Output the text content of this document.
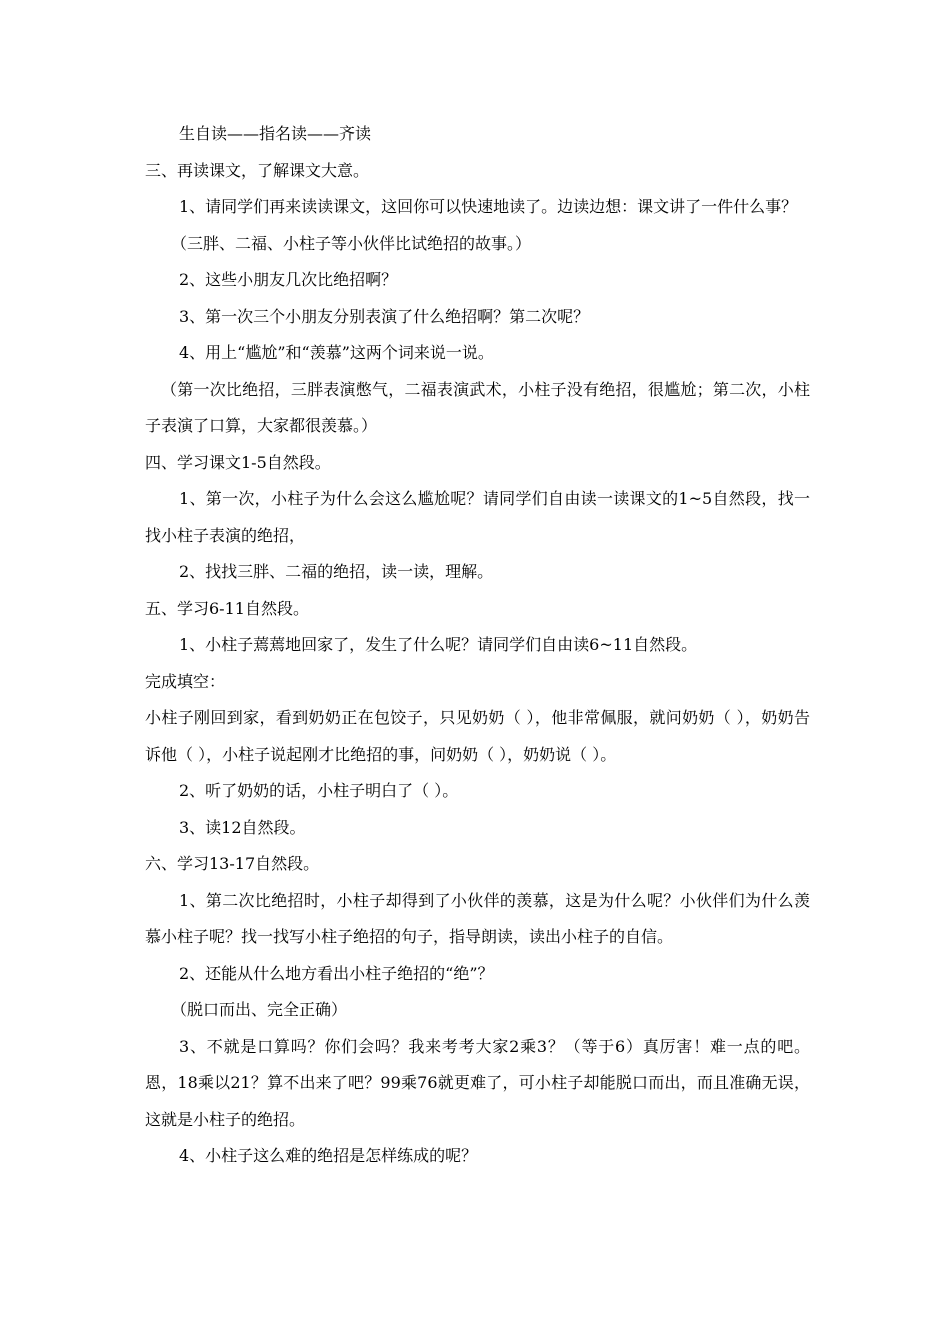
生自读——指名读——齐读

三、再读课文，了解课文大意。

1、请同学们再来读读课文，这回你可以快速地读了。边读边想：课文讲了一件什么事？

（三胖、二福、小柱子等小伙伴比试绝招的故事。）

2、这些小朋友几次比绝招啊？

3、第一次三个小朋友分别表演了什么绝招啊？第二次呢？

4、用上“尴尬”和“羡慕”这两个词来说一说。

（第一次比绝招，三胖表演憋气，二福表演武术，小柱子没有绝招，很尴尬；第二次，小柱子表演了口算，大家都很羡慕。）

四、学习课文1-5自然段。

1、第一次，小柱子为什么会这么尴尬呢？请同学们自由读一读课文的1~5自然段，找一找小柱子表演的绝招，

2、找找三胖、二福的绝招，读一读，理解。

五、学习6-11自然段。

1、小柱子蔫蔫地回家了，发生了什么呢？请同学们自由读6~11自然段。

完成填空：

小柱子刚回到家，看到奶奶正在包饺子，只见奶奶（ ），他非常佩服，就问奶奶（ ），奶奶告诉他（ ），小柱子说起刚才比绝招的事，问奶奶（ ），奶奶说（ ）。

2、听了奶奶的话，小柱子明白了（ ）。

3、读12自然段。

六、学习13-17自然段。

1、第二次比绝招时，小柱子却得到了小伙伴的羡慕，这是为什么呢？小伙伴们为什么羡慕小柱子呢？找一找写小柱子绝招的句子，指导朗读，读出小柱子的自信。

2、还能从什么地方看出小柱子绝招的“绝”？

（脱口而出、完全正确）

3、不就是口算吗？你们会吗？我来考考大家2乘3？（等于6）真厉害！难一点的吧。恩，18乘以21？算不出来了吧？99乘76就更难了，可小柱子却能脱口而出，而且准确无误，这就是小柱子的绝招。

4、小柱子这么难的绝招是怎样练成的呢？
